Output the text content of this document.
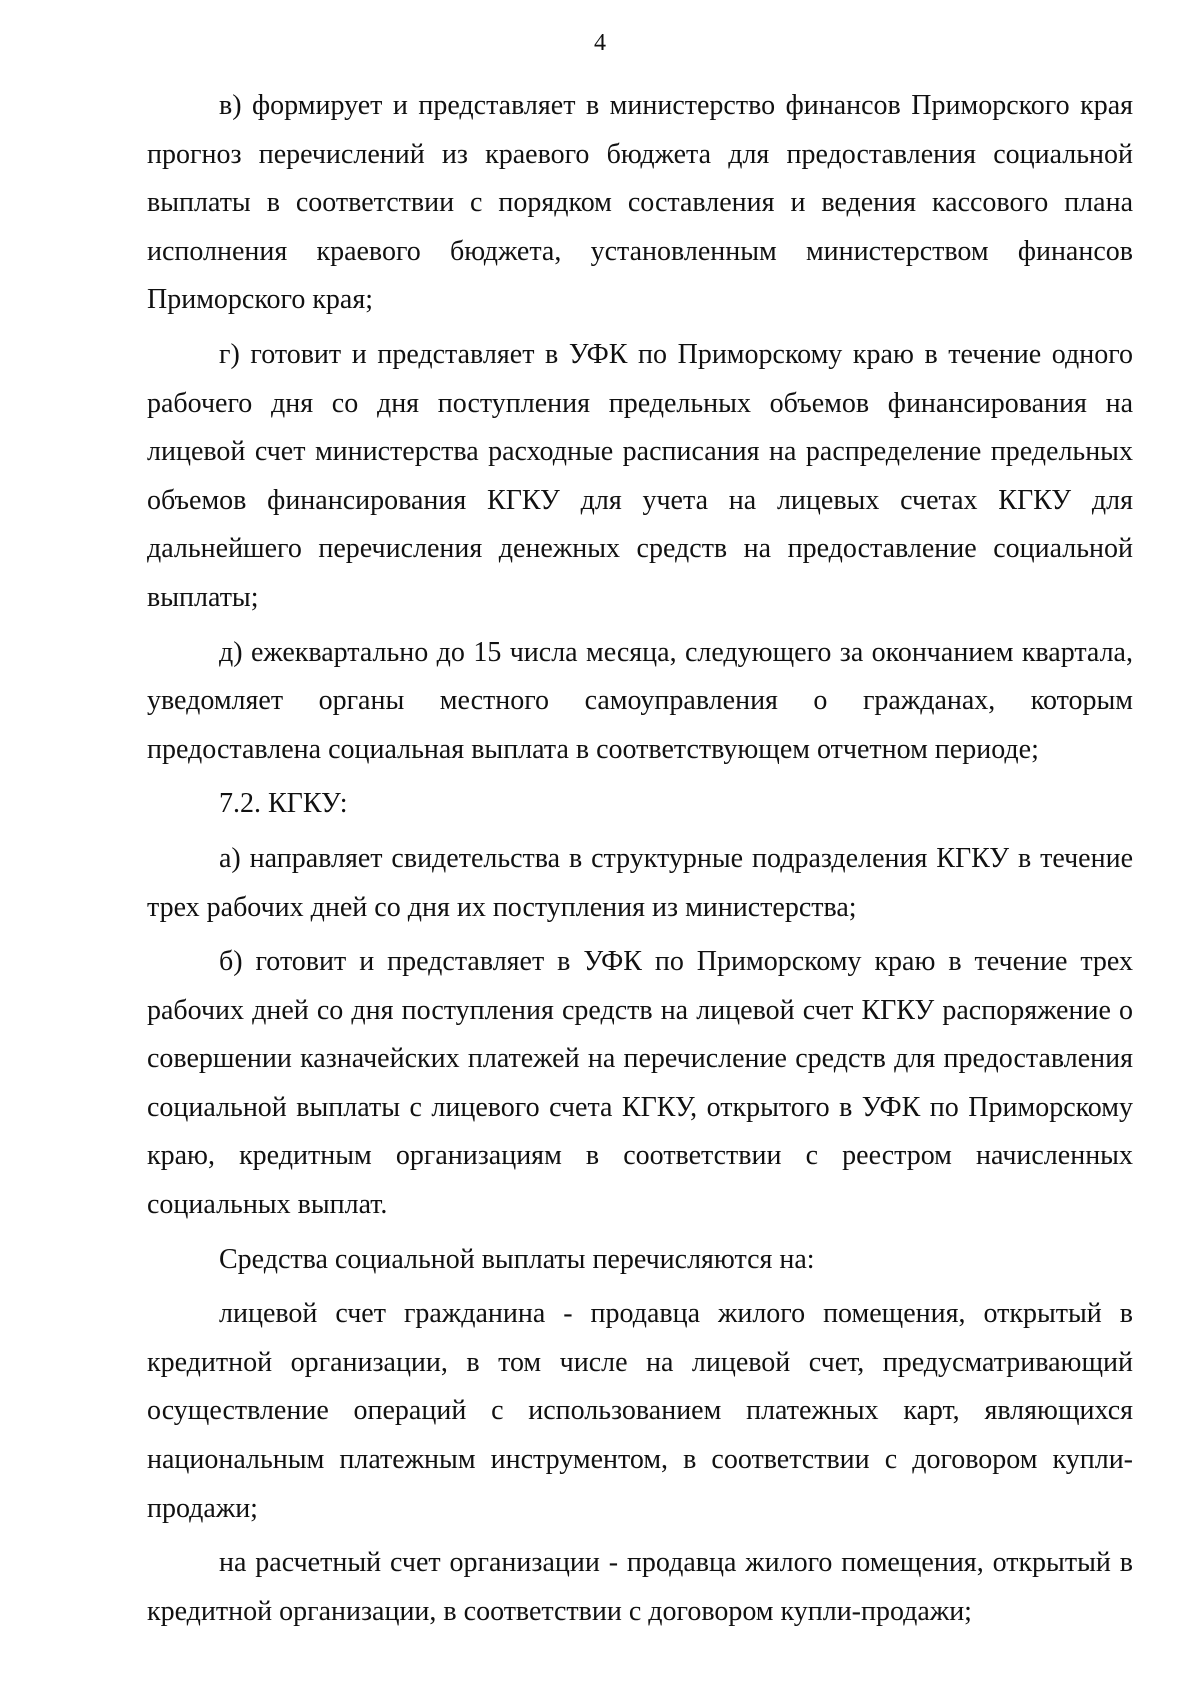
4

в) формирует и представляет в министерство финансов Приморского края прогноз перечислений из краевого бюджета для предоставления социальной выплаты в соответствии с порядком составления и ведения кассового плана исполнения краевого бюджета, установленным министерством финансов Приморского края;

г) готовит и представляет в УФК по Приморскому краю в течение одного рабочего дня со дня поступления предельных объемов финансирования на лицевой счет министерства расходные расписания на распределение предельных объемов финансирования КГКУ для учета на лицевых счетах КГКУ для дальнейшего перечисления денежных средств на предоставление социальной выплаты;

д) ежеквартально до 15 числа месяца, следующего за окончанием квартала, уведомляет органы местного самоуправления о гражданах, которым предоставлена социальная выплата в соответствующем отчетном периоде;

7.2. КГКУ:

а) направляет свидетельства в структурные подразделения КГКУ в течение трех рабочих дней со дня их поступления из министерства;

б) готовит и представляет в УФК по Приморскому краю в течение трех рабочих дней со дня поступления средств на лицевой счет КГКУ распоряжение о совершении казначейских платежей на перечисление средств для предоставления социальной выплаты с лицевого счета КГКУ, открытого в УФК по Приморскому краю, кредитным организациям в соответствии с реестром начисленных социальных выплат.

Средства социальной выплаты перечисляются на:

лицевой счет гражданина - продавца жилого помещения, открытый в кредитной организации, в том числе на лицевой счет, предусматривающий осуществление операций с использованием платежных карт, являющихся национальным платежным инструментом, в соответствии с договором купли-продажи;

на расчетный счет организации - продавца жилого помещения, открытый в кредитной организации, в соответствии с договором купли-продажи;
